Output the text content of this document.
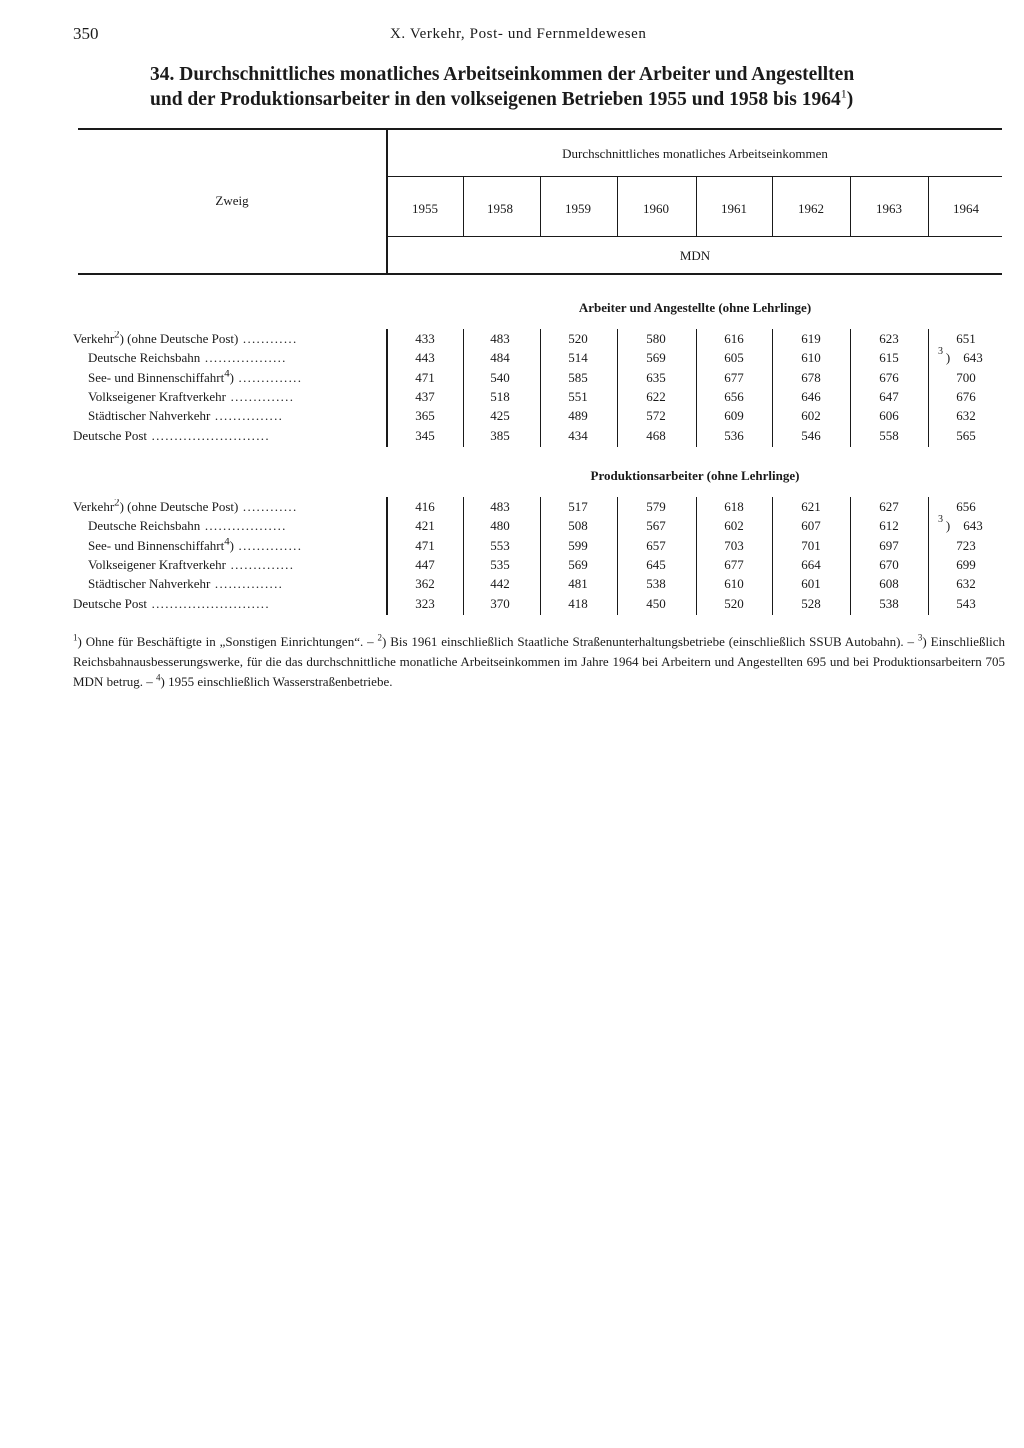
350	X. Verkehr, Post- und Fernmeldewesen
34. Durchschnittliches monatliches Arbeitseinkommen der Arbeiter und Angestellten
und der Produktionsarbeiter in den volkseigenen Betrieben 1955 und 1958 bis 1964$^1$)
Zweig
Durchschnittliches monatliches Arbeitseinkommen
MDN
1955	1958	1959	1960	1961	1962	1963	1964
Arbeiter und Angestellte (ohne Lehrlinge)
Verkehr$^2$) (ohne Deutsche Post) ............	433	483	520	580	616	619	623	651
Deutsche Reichsbahn ..................	443	484	514	569	605	610	615	643
3 )
See- und Binnenschiffahrt$^4$) ..............	471	540	585	635	677	678	676	700
Volkseigener Kraftverkehr ..............	437	518	551	622	656	646	647	676
Städtischer Nahverkehr ...............	365	425	489	572	609	602	606	632
Deutsche Post ..........................	345	385	434	468	536	546	558	565
Produktionsarbeiter (ohne Lehrlinge)
Verkehr$^2$) (ohne Deutsche Post) ............	416	483	517	579	618	621	627	656
Deutsche Reichsbahn ..................	421	480	508	567	602	607	612	643
3 )
See- und Binnenschiffahrt$^4$) ..............	471	553	599	657	703	701	697	723
Volkseigener Kraftverkehr ..............	447	535	569	645	677	664	670	699
Städtischer Nahverkehr ...............	362	442	481	538	610	601	608	632
Deutsche Post ..........................	323	370	418	450	520	528	538	543
$^1$) Ohne für Beschäftigte in „Sonstigen Einrichtungen“. – $^2$) Bis 1961 einschließlich Staatliche Straßenunterhaltungsbetriebe (einschließlich SSUB Autobahn). – $^3$) Einschließlich Reichsbahnausbesserungswerke, für die das durchschnittliche monatliche Arbeitseinkommen im Jahre 1964 bei Arbeitern und Angestellten 695 und bei Produktionsarbeitern 705 MDN betrug. – $^4$) 1955 einschließlich Wasserstraßenbetriebe.
